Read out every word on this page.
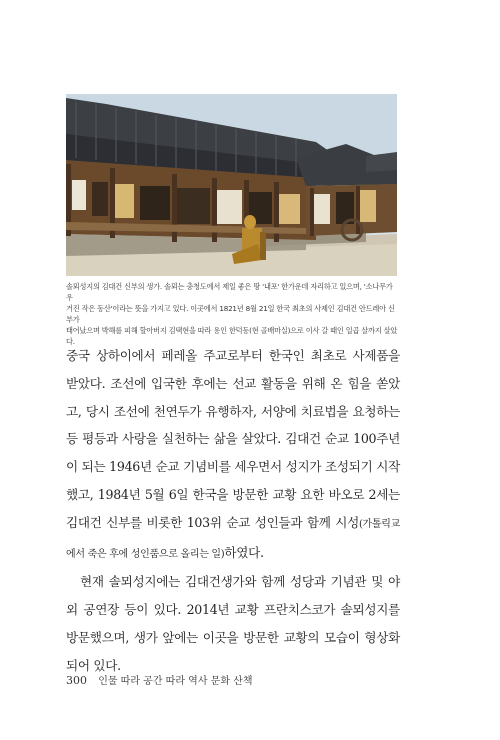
솔뫼성지의 김대건 신부의 생가. 솔뫼는 충청도에서 제일 좋은 땅 '내포' 한가운데 자리하고 있으며, '소나무가 우
거진 작은 동산'이라는 뜻을 가지고 있다. 이곳에서 1821년 8월 21일 한국 최초의 사제인 김대건 안드레아 신부가
태어났으며 박해를 피해 할아버지 김택현을 따라 용인 한덕동(현 골배마실)으로 이사 갈 때인 일곱 살까지 살았다.

중국 상하이에서 페레올 주교로부터 한국인 최초로 사제품을 받았다. 조선에 입국한 후에는 선교 활동을 위해 온 힘을 쏟았고, 당시 조선에 천연두가 유행하자, 서양에 치료법을 요청하는 등 평등과 사랑을 실천하는 삶을 살았다. 김대건 순교 100주년이 되는 1946년 순교 기념비를 세우면서 성지가 조성되기 시작했고, 1984년 5월 6일 한국을 방문한 교황 요한 바오로 2세는 김대건 신부를 비롯한 103위 순교 성인들과 함께 시성(가톨릭교에서 죽은 후에 성인품으로 올리는 일)하였다.

현재 솔뫼성지에는 김대건생가와 함께 성당과 기념관 및 야외 공연장 등이 있다. 2014년 교황 프란치스코가 솔뫼성지를 방문했으며, 생가 앞에는 이곳을 방문한 교황의 모습이 형상화되어 있다.

300 인물 따라 공간 따라 역사 문화 산책
